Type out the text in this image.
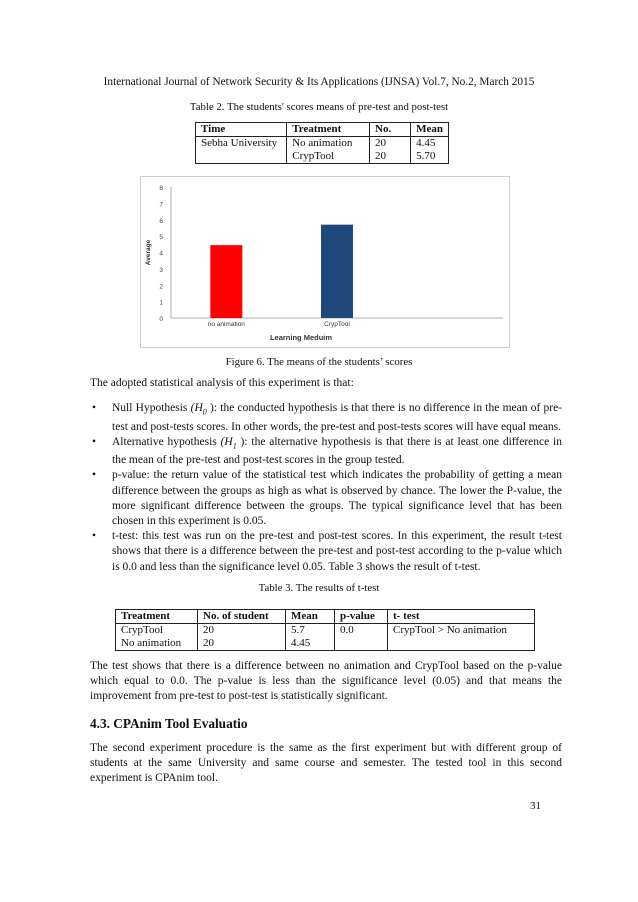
International Journal of Network Security & Its Applications (IJNSA) Vol.7, No.2, March 2015
Table 2. The students' scores means of pre-test and post-test
Time	Treatment	No.	Mean
Sebha University	No animation	20	4.45
	CrypTool	20	5.70
0
1
2
3
4
5
6
7
8
no animation	CrypTool
Learning Meduim
Average
Figure 6. The means of the students’ scores
The adopted statistical analysis of this experiment is that:
• Null Hypothesis ($H_0$ ): the conducted hypothesis is that there is no difference in the mean of pre-test and post-tests scores. In other words, the pre-test and post-tests scores will have equal means.
• Alternative hypothesis ($H_1$ ): the alternative hypothesis is that there is at least one difference in the mean of the pre-test and post-test scores in the group tested.
• p-value: the return value of the statistical test which indicates the probability of getting a mean difference between the groups as high as what is observed by chance. The lower the P-value, the more significant difference between the groups. The typical significance level that has been chosen in this experiment is 0.05.
• t-test: this test was run on the pre-test and post-test scores. In this experiment, the result t-test shows that there is a difference between the pre-test and post-test according to the p-value which is 0.0 and less than the significance level 0.05. Table 3 shows the result of t-test.
Table 3. The results of t-test
Treatment	No. of student	Mean	p-value	t- test
CrypTool	20	5.7	0.0	CrypTool > No animation
No animation	20	4.45		
The test shows that there is a difference between no animation and CrypTool based on the p-value which equal to 0.0. The p-value is less than the significance level (0.05) and that means the improvement from pre-test to post-test is statistically significant.
4.3. CPAnim Tool Evaluatio
The second experiment procedure is the same as the first experiment but with different group of students at the same University and same course and semester. The tested tool in this second experiment is CPAnim tool.
31
